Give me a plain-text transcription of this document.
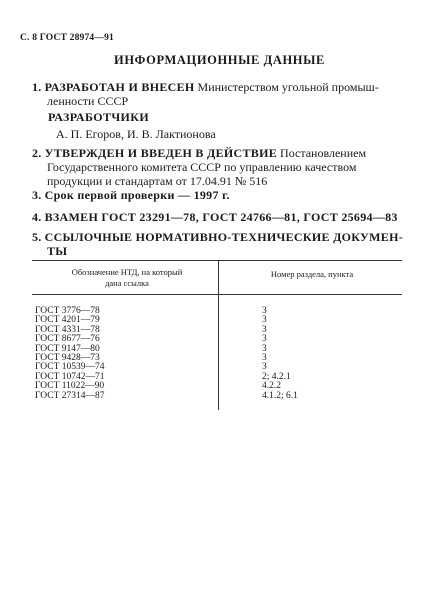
С. 8 ГОСТ 28974—91
ИНФОРМАЦИОННЫЕ ДАННЫЕ
1. РАЗРАБОТАН И ВНЕСЕН Министерством угольной промыш-
ленности СССР
РАЗРАБОТЧИКИ
А. П. Егоров, И. В. Лактионова
2. УТВЕРЖДЕН И ВВЕДЕН В ДЕЙСТВИЕ Постановлением
Государственного комитета СССР по управлению качеством
продукции и стандартам от 17.04.91 № 516
3. Срок первой проверки — 1997 г.
4. ВЗАМЕН ГОСТ 23291—78, ГОСТ 24766—81, ГОСТ 25694—83
5. ССЫЛОЧНЫЕ НОРМАТИВНО-ТЕХНИЧЕСКИЕ ДОКУМЕН-
ТЫ
Обозначение НТД, на который
дана ссылка
Номер раздела, пункта
ГОСТ 3776—78	3
ГОСТ 4201—79	3
ГОСТ 4331—78	3
ГОСТ 8677—76	3
ГОСТ 9147—80	3
ГОСТ 9428—73	3
ГОСТ 10539—74	3
ГОСТ 10742—71	2; 4.2.1
ГОСТ 11022—90	4.2.2
ГОСТ 27314—87	4.1.2; 6.1
